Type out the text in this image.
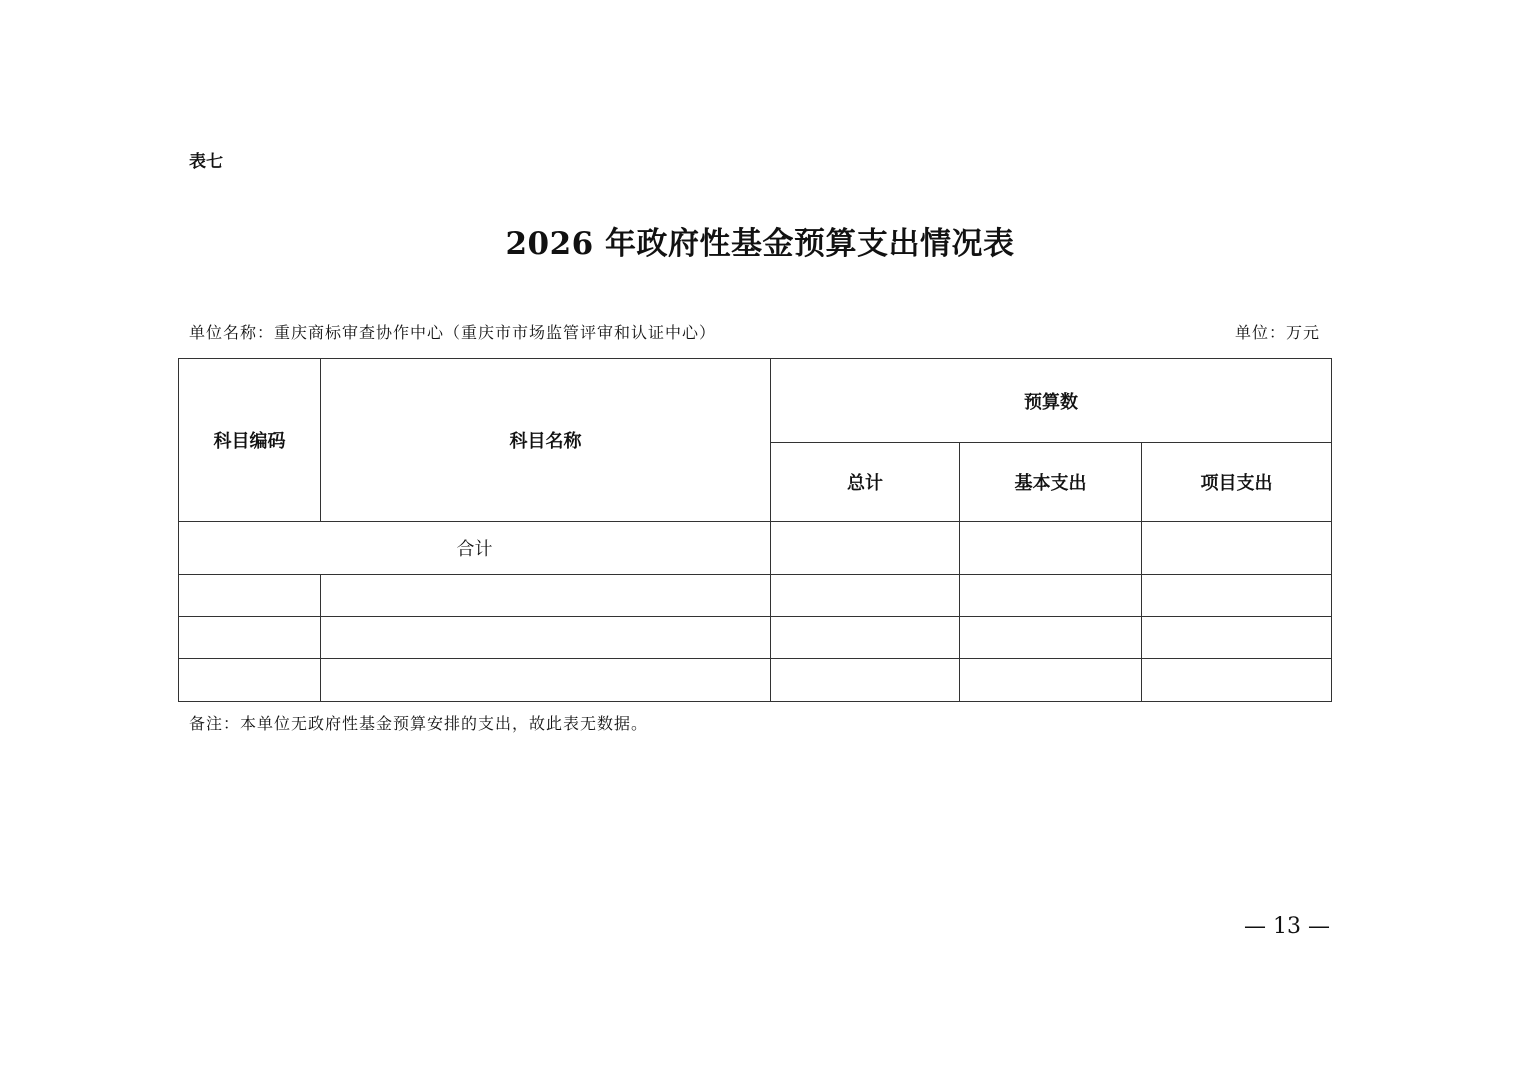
表七
2026 年政府性基金预算支出情况表
单位名称：重庆商标审查协作中心（重庆市市场监管评审和认证中心）	单位：万元
科目编码	科目名称	预算数		
		总计	基本支出	项目支出
合计				

备注：本单位无政府性基金预算安排的支出，故此表无数据。
— 13 —
